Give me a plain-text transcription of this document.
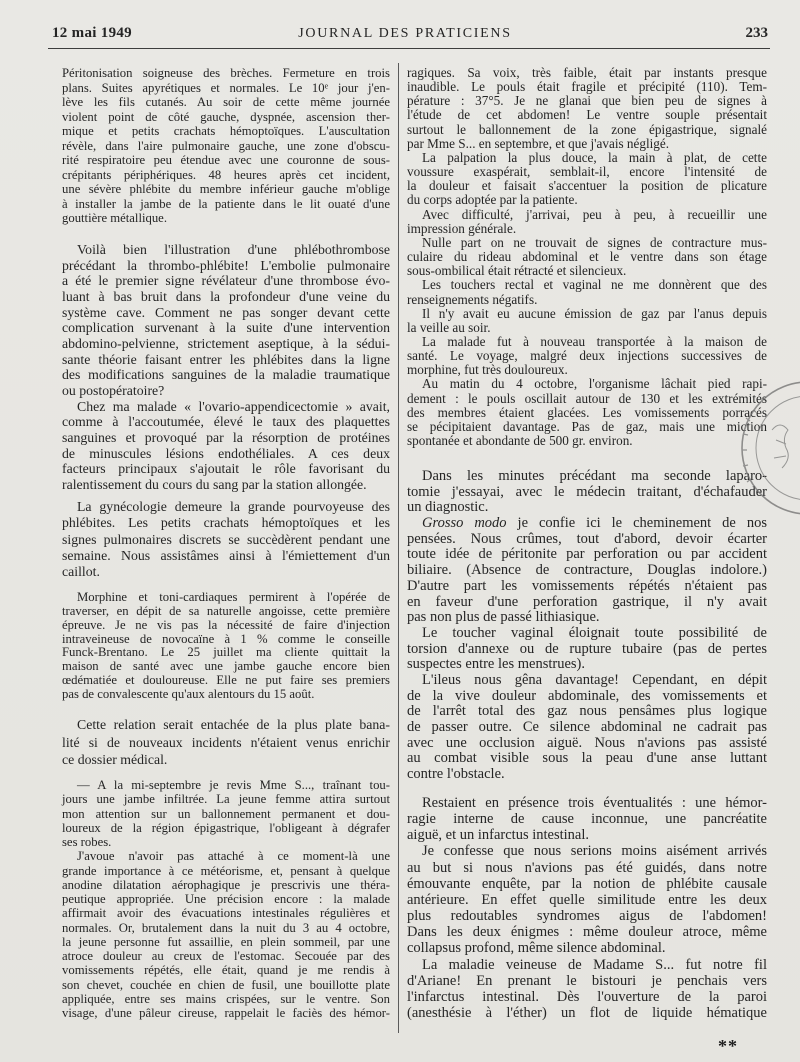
12 mai 1949	JOURNAL DES PRATICIENS	233
Péritonisation soigneuse des brèches. Fermeture en trois
plans. Suites apyrétiques et normales. Le 10e jour j'en-
lève les fils cutanés. Au soir de cette même journée
violent point de côté gauche, dyspnée, ascension ther-
mique et petits crachats hémoptoïques. L'auscultation
révèle, dans l'aire pulmonaire gauche, une zone d'obscu-
rité respiratoire peu étendue avec une couronne de sous-
crépitants périphériques. 48 heures après cet incident,
une sévère phlébite du membre inférieur gauche m'oblige
à installer la jambe de la patiente dans le lit ouaté d'une
gouttière métallique.
Voilà bien l'illustration d'une phlébothrombose
précédant la thrombo-phlébite! L'embolie pulmonaire
a été le premier signe révélateur d'une thrombose évo-
luant à bas bruit dans la profondeur d'une veine du
système cave. Comment ne pas songer devant cette
complication survenant à la suite d'une intervention
abdomino-pelvienne, strictement aseptique, à la sédui-
sante théorie faisant entrer les phlébites dans la ligne
des modifications sanguines de la maladie traumatique
ou postopératoire?
Chez ma malade « l'ovario-appendicectomie » avait,
comme à l'accoutumée, élevé le taux des plaquettes
sanguines et provoqué par la résorption de protéines
de minuscules lésions endothéliales. A ces deux
facteurs principaux s'ajoutait le rôle favorisant du
ralentissement du cours du sang par la station allongée.
La gynécologie demeure la grande pourvoyeuse des
phlébites. Les petits crachats hémoptoïques et les
signes pulmonaires discrets se succèdèrent pendant une
semaine. Nous assistâmes ainsi à l'émiettement d'un
caillot.
Morphine et toni-cardiaques permirent à l'opérée de
traverser, en dépit de sa naturelle angoisse, cette première
épreuve. Je ne vis pas la nécessité de faire d'injection
intraveineuse de novocaïne à 1 % comme le conseille
Funck-Brentano. Le 25 juillet ma cliente quittait la
maison de santé avec une jambe gauche encore bien
œdématiée et douloureuse. Elle ne put faire ses premiers
pas de convalescente qu'aux alentours du 15 août.
Cette relation serait entachée de la plus plate bana-
lité si de nouveaux incidents n'étaient venus enrichir
ce dossier médical.
— A la mi-septembre je revis Mme S..., traînant tou-
jours une jambe infiltrée. La jeune femme attira surtout
mon attention sur un ballonnement permanent et dou-
loureux de la région épigastrique, l'obligeant à dégrafer
ses robes.
J'avoue n'avoir pas attaché à ce moment-là une
grande importance à ce météorisme, et, pensant à quelque
anodine dilatation aérophagique je prescrivis une théra-
peutique appropriée. Une précision encore : la malade
affirmait avoir des évacuations intestinales régulières et
normales. Or, brutalement dans la nuit du 3 au 4 octobre,
la jeune personne fut assaillie, en plein sommeil, par une
atroce douleur au creux de l'estomac. Secouée par des
vomissements répétés, elle était, quand je me rendis à
son chevet, couchée en chien de fusil, une bouillotte plate
appliquée, entre ses mains crispées, sur le ventre. Son
visage, d'une pâleur cireuse, rappelait le faciès des hémor-
ragiques. Sa voix, très faible, était par instants presque
inaudible. Le pouls était fragile et précipité (110). Tem-
pérature : 37°5. Je ne glanai que bien peu de signes à
l'étude de cet abdomen! Le ventre souple présentait
surtout le ballonnement de la zone épigastrique, signalé
par Mme S... en septembre, et que j'avais négligé.
La palpation la plus douce, la main à plat, de cette
voussure exaspérait, semblait-il, encore l'intensité de
la douleur et faisait s'accentuer la position de plicature
du corps adoptée par la patiente.
Avec difficulté, j'arrivai, peu à peu, à recueillir une
impression générale.
Nulle part on ne trouvait de signes de contracture mus-
culaire du rideau abdominal et le ventre dans son étage
sous-ombilical était rétracté et silencieux.
Les touchers rectal et vaginal ne me donnèrent que des
renseignements négatifs.
Il n'y avait eu aucune émission de gaz par l'anus depuis
la veille au soir.
La malade fut à nouveau transportée à la maison de
santé. Le voyage, malgré deux injections successives de
morphine, fut très douloureux.
Au matin du 4 octobre, l'organisme lâchait pied rapi-
dement : le pouls oscillait autour de 130 et les extrémités
des membres étaient glacées. Les vomissements porracés
se pécipitaient davantage. Pas de gaz, mais une miction
spontanée et abondante de 500 gr. environ.
Dans les minutes précédant ma seconde laparo-
tomie j'essayai, avec le médecin traitant, d'échafauder
un diagnostic.
Grosso modo je confie ici le cheminement de nos
pensées. Nous crûmes, tout d'abord, devoir écarter
toute idée de péritonite par perforation ou par accident
biliaire. (Absence de contracture, Douglas indolore.)
D'autre part les vomissements répétés n'étaient pas
en faveur d'une perforation gastrique, il n'y avait
pas non plus de passé lithiasique.
Le toucher vaginal éloignait toute possibilité de
torsion d'annexe ou de rupture tubaire (pas de pertes
suspectes entre les menstrues).
L'ileus nous gêna davantage! Cependant, en dépit
de la vive douleur abdominale, des vomissements et
de l'arrêt total des gaz nous pensâmes plus logique
de passer outre. Ce silence abdominal ne cadrait pas
avec une occlusion aiguë. Nous n'avions pas assisté
au combat visible sous la peau d'une anse luttant
contre l'obstacle.
Restaient en présence trois éventualités : une hémor-
ragie interne de cause inconnue, une pancréatite
aiguë, et un infarctus intestinal.
Je confesse que nous serions moins aisément arrivés
au but si nous n'avions pas été guidés, dans notre
émouvante enquête, par la notion de phlébite causale
antérieure. En effet quelle similitude entre les deux
plus redoutables syndromes aigus de l'abdomen!
Dans les deux énigmes : même douleur atroce, même
collapsus profond, même silence abdominal.
La maladie veineuse de Madame S... fut notre fil
d'Ariane! En prenant le bistouri je penchais vers
l'infarctus intestinal. Dès l'ouverture de la paroi
(anesthésie à l'éther) un flot de liquide hématique
**
